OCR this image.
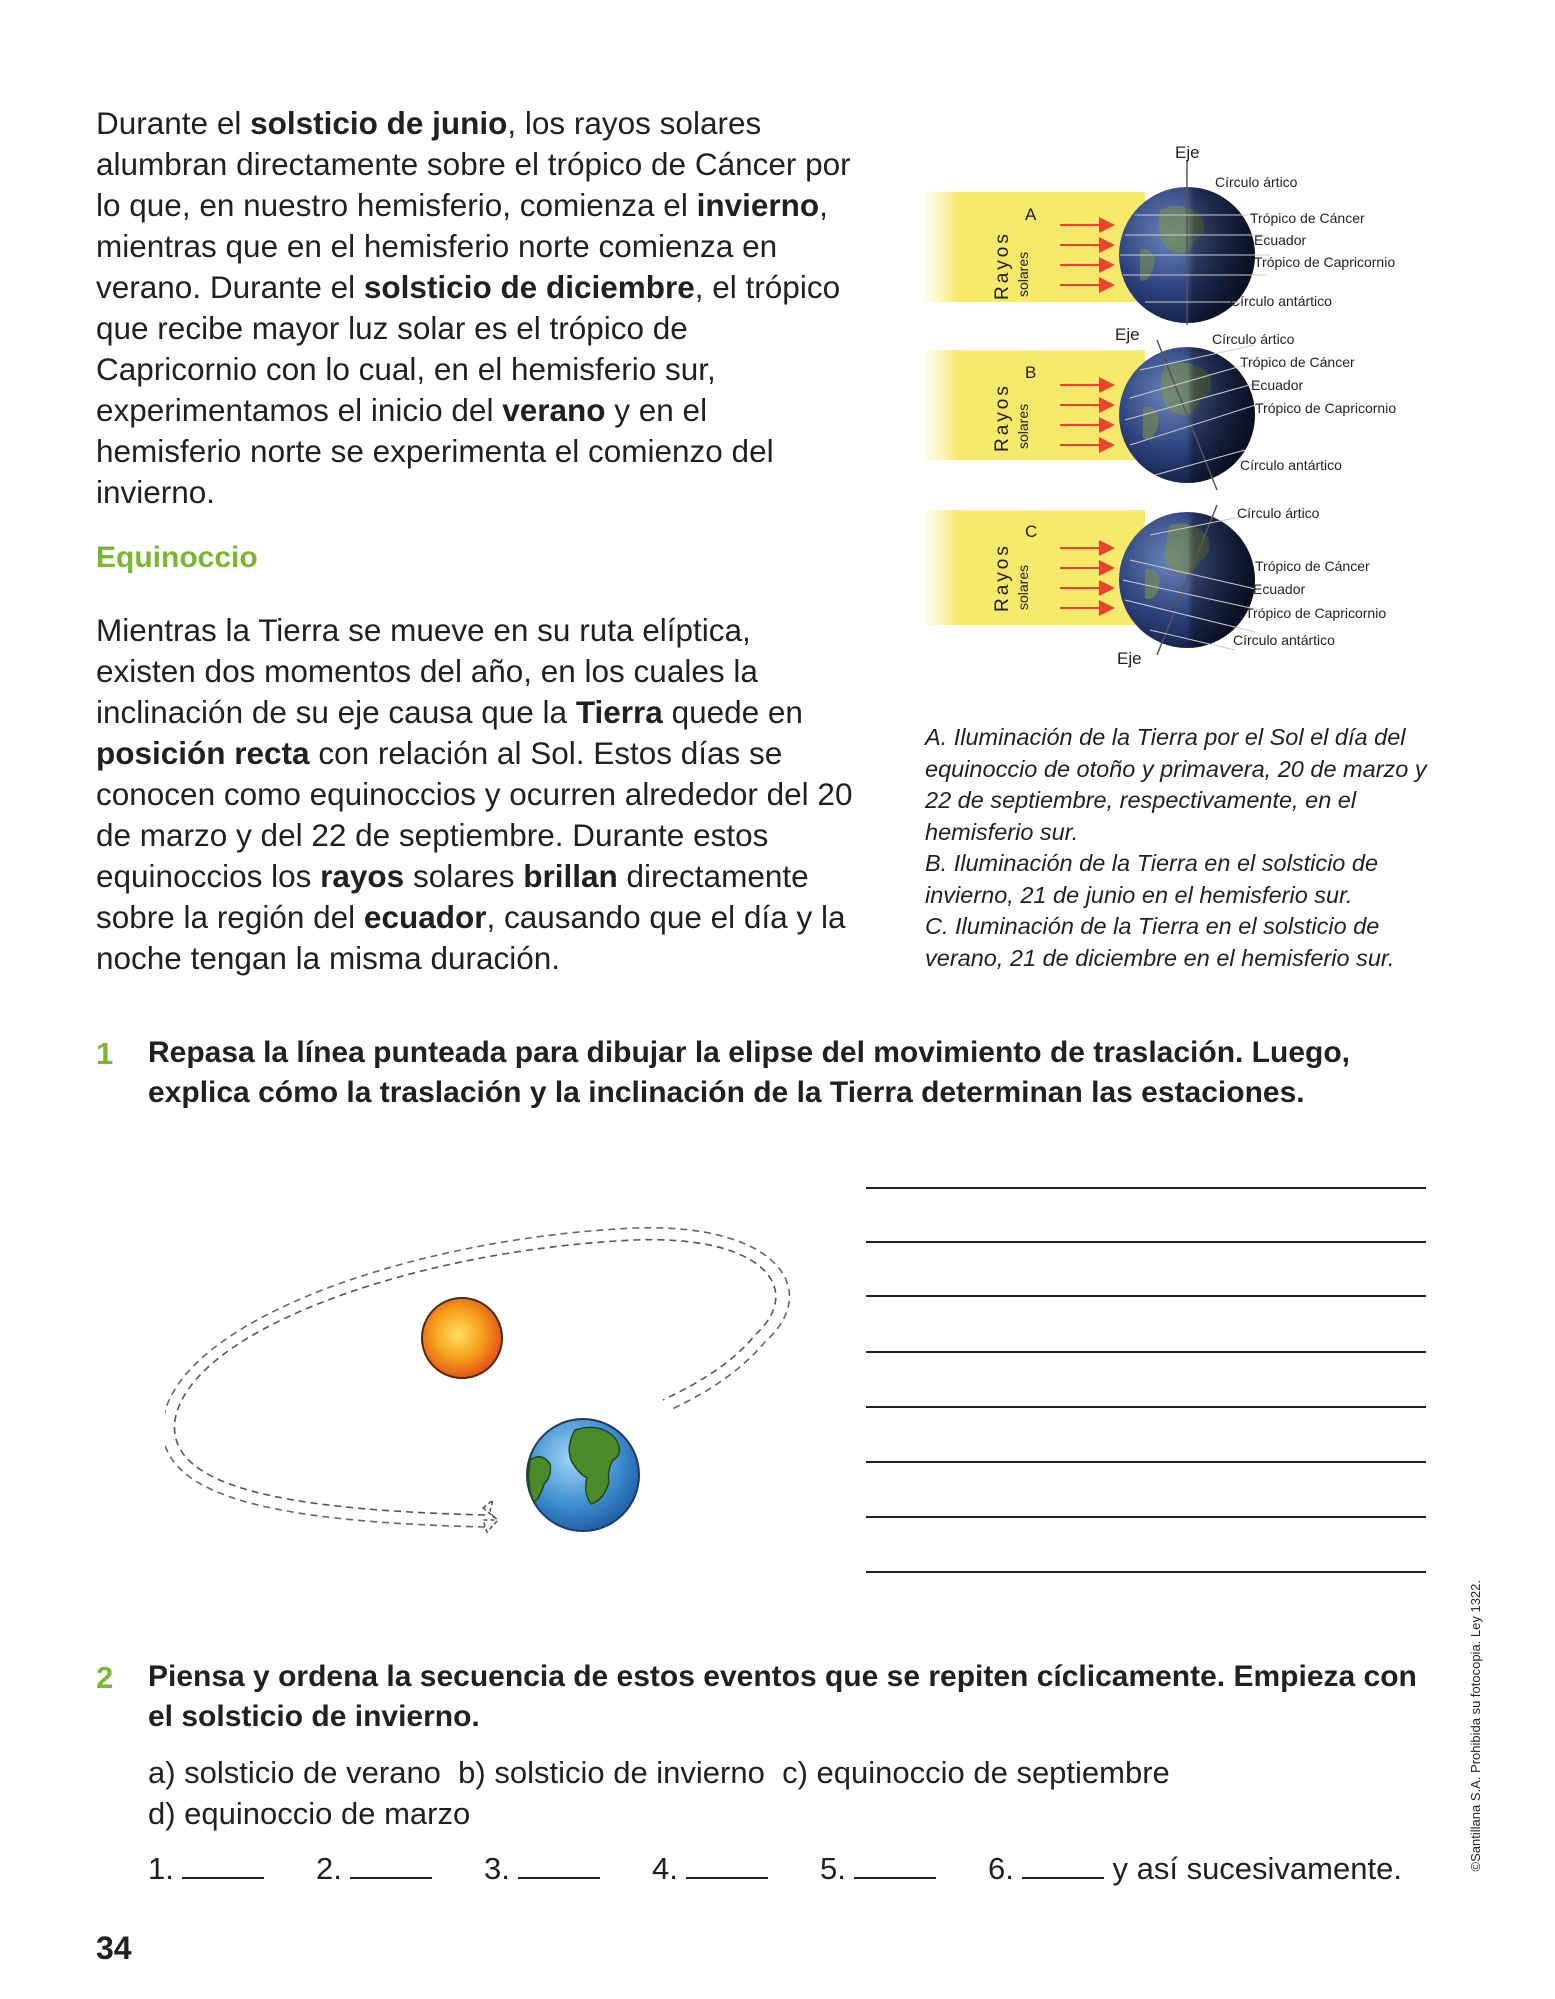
Durante el solsticio de junio, los rayos solares alumbran directamente sobre el trópico de Cáncer por lo que, en nuestro hemisferio, comienza el invierno, mientras que en el hemisferio norte comienza en verano. Durante el solsticio de diciembre, el trópico que recibe mayor luz solar es el trópico de Capricornio con lo cual, en el hemisferio sur, experimentamos el inicio del verano y en el hemisferio norte se experimenta el comienzo del invierno.
Equinoccio
Mientras la Tierra se mueve en su ruta elíptica, existen dos momentos del año, en los cuales la inclinación de su eje causa que la Tierra quede en posición recta con relación al Sol. Estos días se conocen como equinoccios y ocurren alrededor del 20 de marzo y del 22 de septiembre. Durante estos equinoccios los rayos solares brillan directamente sobre la región del ecuador, causando que el día y la noche tengan la misma duración.
Rayos solares
A
Eje
Círculo ártico
Trópico de Cáncer
Ecuador
Trópico de Capricornio
Círculo antártico
Rayos solares
B
Eje	Círculo ártico
Trópico de Cáncer
Ecuador
Trópico de Capricornio
Círculo antártico
Rayos solares
C
Eje
Círculo ártico
Trópico de Cáncer
Ecuador
Trópico de Capricornio
Círculo antártico
A. Iluminación de la Tierra por el Sol el día del equinoccio de otoño y primavera, 20 de marzo y 22 de septiembre, respectivamente, en el hemisferio sur.
B. Iluminación de la Tierra en el solsticio de invierno, 21 de junio en el hemisferio sur.
C. Iluminación de la Tierra en el solsticio de verano, 21 de diciembre en el hemisferio sur.
1 Repasa la línea punteada para dibujar la elipse del movimiento de traslación. Luego, explica cómo la traslación y la inclinación de la Tierra determinan las estaciones.
2 Piensa y ordena la secuencia de estos eventos que se repiten cíclicamente. Empieza con el solsticio de invierno.
a) solsticio de verano  b) solsticio de invierno  c) equinoccio de septiembre
d) equinoccio de marzo
1.	2.	3.	4.	5.	6.	y así sucesivamente.
34
©Santillana S.A. Prohibida su fotocopia. Ley 1322.
